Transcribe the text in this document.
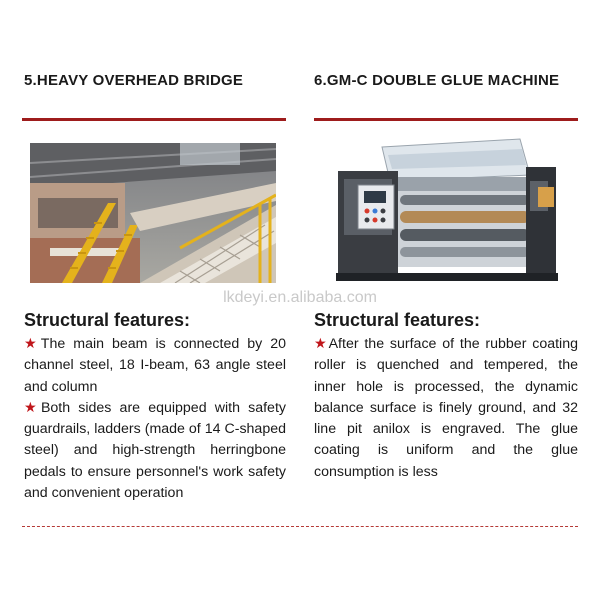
5.HEAVY OVERHEAD BRIDGE
Structural features:

★The main beam is connected by 20 channel steel, 18 I-beam, 63 angle steel and column

★Both sides are equipped with safety guardrails, ladders (made of 14 C-shaped steel) and high-strength herringbone pedals to ensure personnel's work safety and convenient operation

6.GM-C DOUBLE GLUE MACHINE
Structural features:

★After the surface of the rubber coating roller is quenched and tempered, the inner hole is processed, the dynamic balance surface is finely ground, and 32 line pit anilox is engraved. The glue coating is uniform and the glue consumption is less

lkdeyi.en.alibaba.com
